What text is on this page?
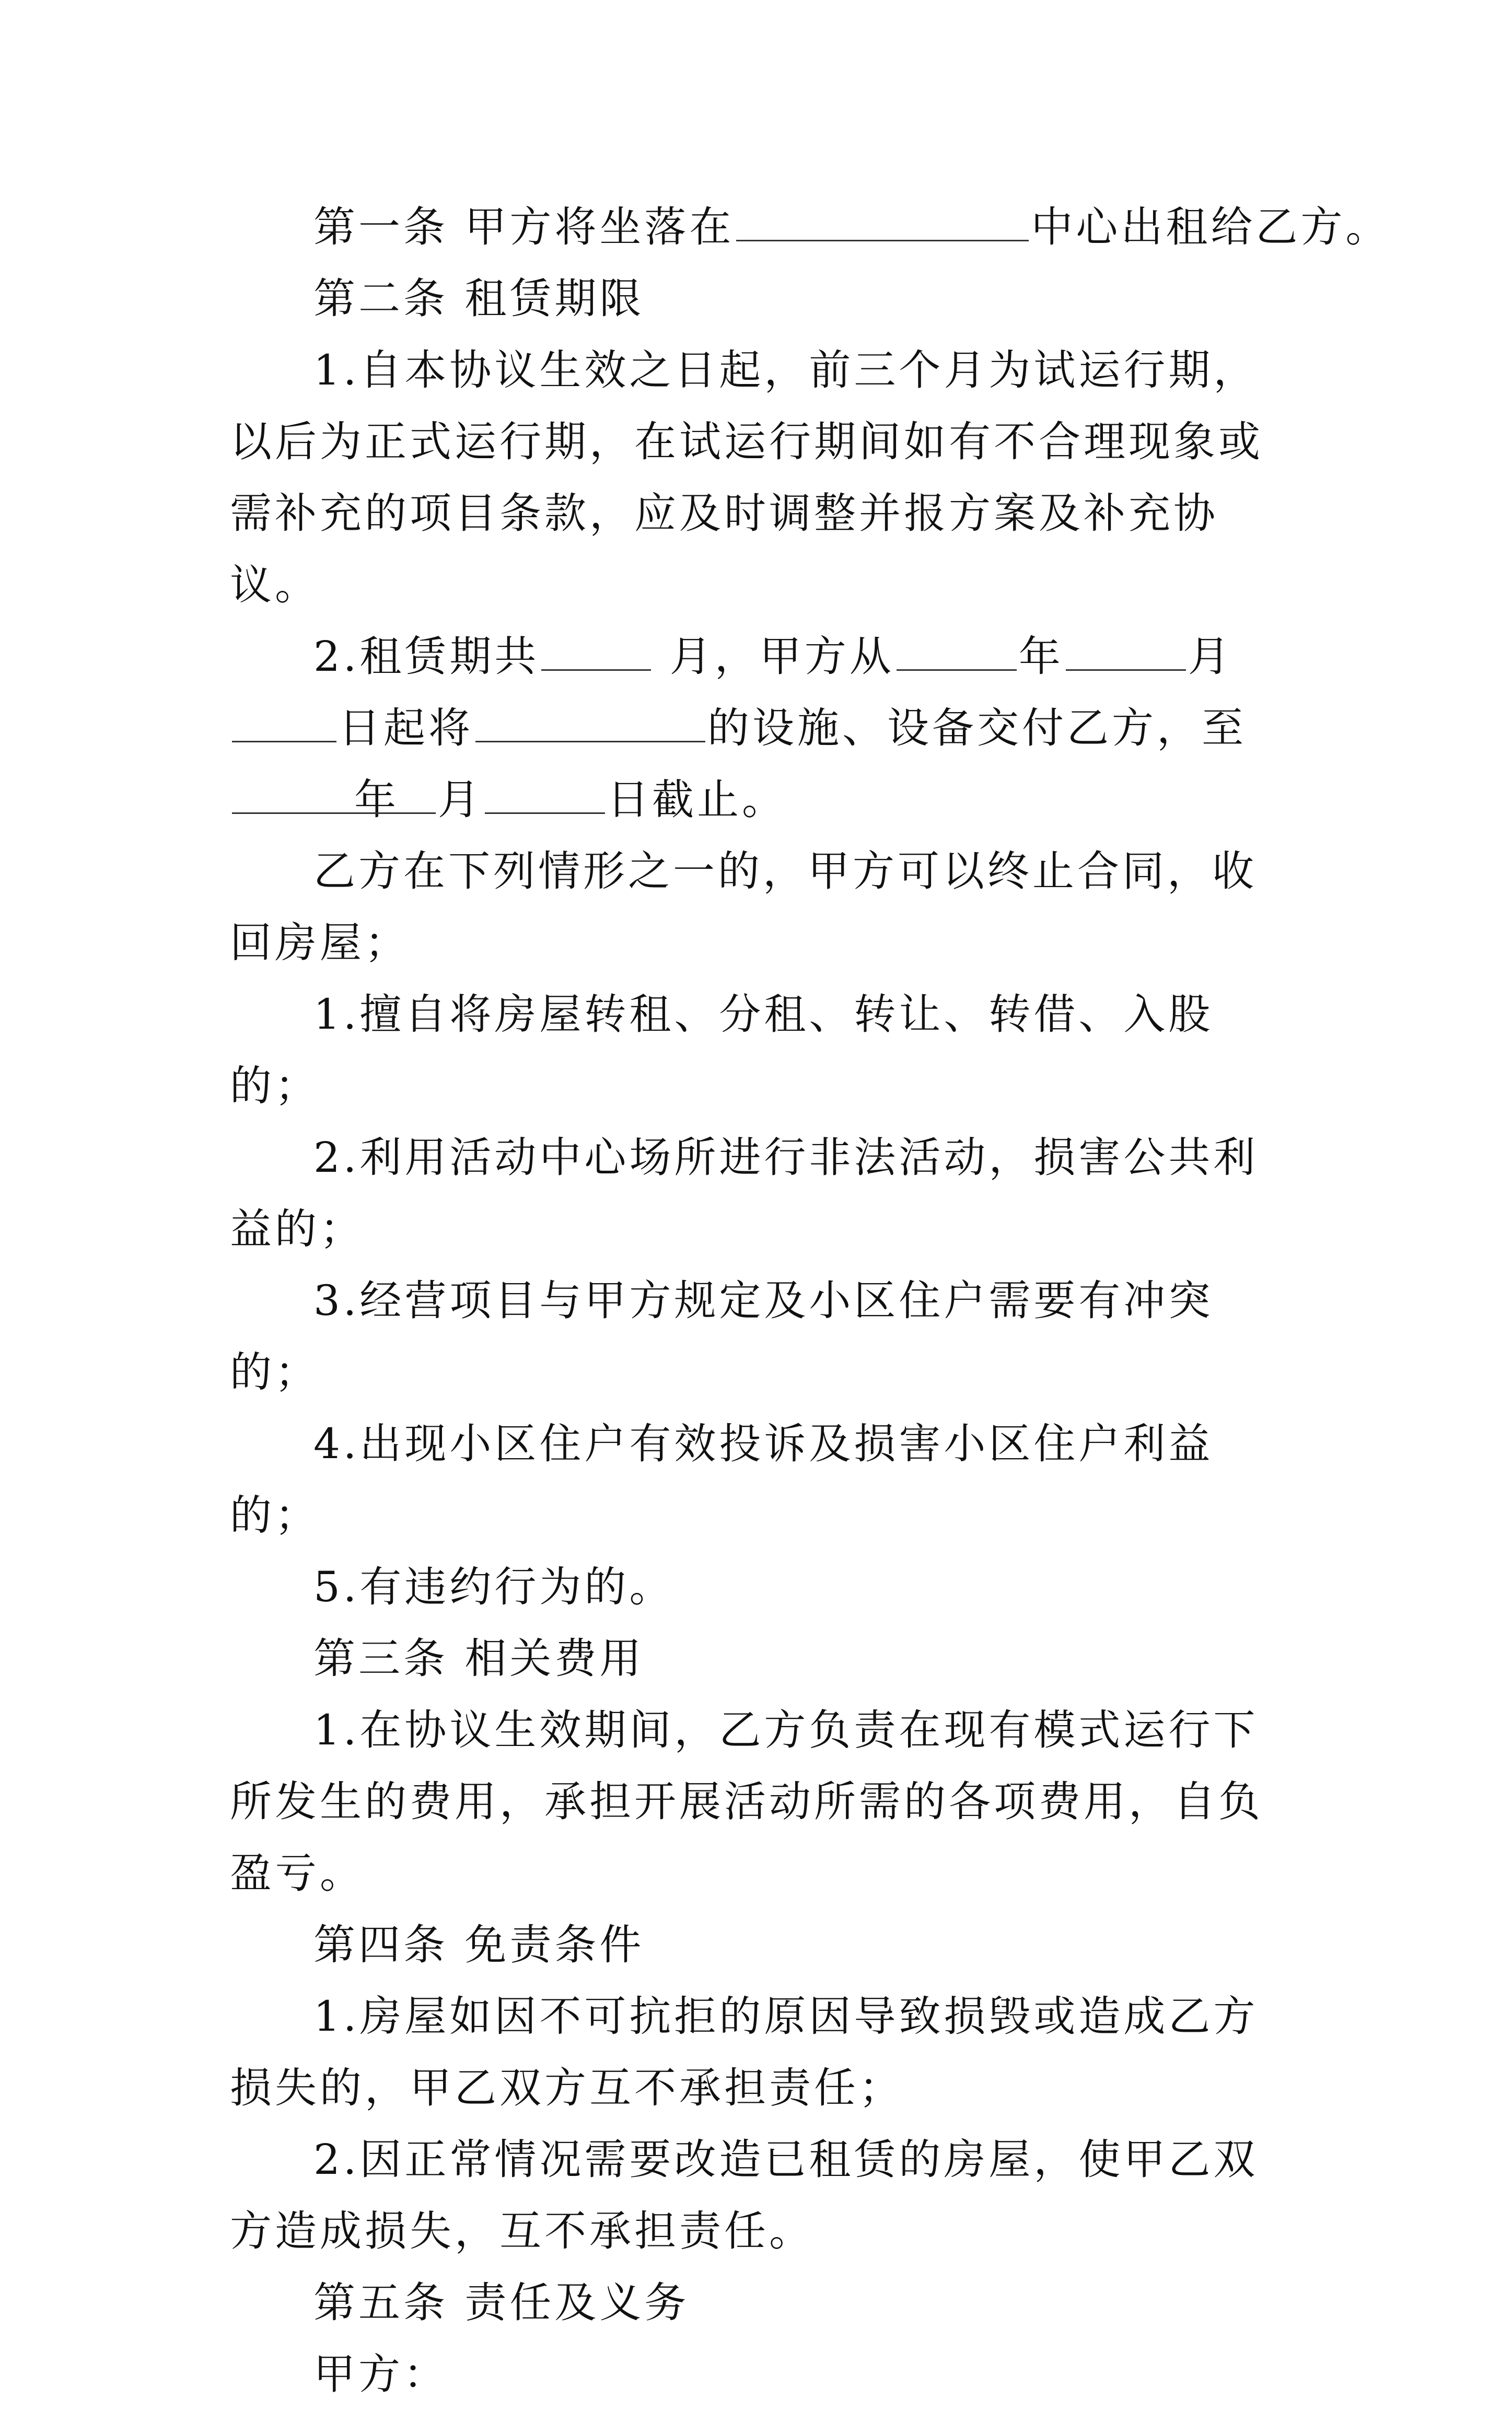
第一条 甲方将坐落在	中心出租给乙方。

第二条 租赁期限

1.自本协议生效之日起，前三个月为试运行期，以后为正式运行期，在试运行期间如有不合理现象或需补充的项目条款，应及时调整并报方案及补充协议。

2.租赁期共	月，甲方从	年	月日起将	的设施、设备交付乙方，至年 月	日截止。

乙方在下列情形之一的，甲方可以终止合同，收回房屋；

1.擅自将房屋转租、分租、转让、转借、入股的；

2.利用活动中心场所进行非法活动，损害公共利益的；

3.经营项目与甲方规定及小区住户需要有冲突的；

4.出现小区住户有效投诉及损害小区住户利益的；

5.有违约行为的。

第三条 相关费用

1.在协议生效期间，乙方负责在现有模式运行下所发生的费用，承担开展活动所需的各项费用，自负盈亏。

第四条 免责条件

1.房屋如因不可抗拒的原因导致损毁或造成乙方损失的，甲乙双方互不承担责任；

2.因正常情况需要改造已租赁的房屋，使甲乙双方造成损失，互不承担责任。

第五条 责任及义务

甲方：
